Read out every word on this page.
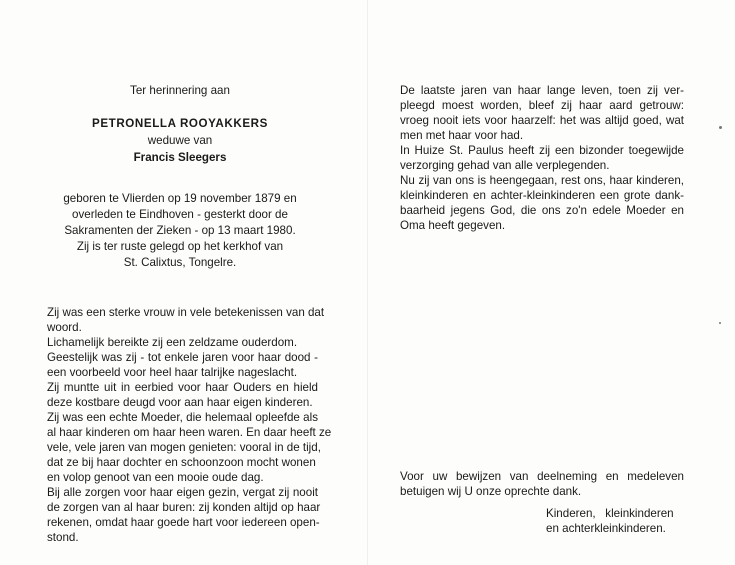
Ter herinnering aan
PETRONELLA ROOYAKKERS
weduwe van
Francis Sleegers
geboren te Vlierden op 19 november 1879 en
overleden te Eindhoven - gesterkt door de
Sakramenten der Zieken - op 13 maart 1980.
Zij is ter ruste gelegd op het kerkhof van
St. Calixtus, Tongelre.
Zij was een sterke vrouw in vele betekenissen van dat
woord.
Lichamelijk bereikte zij een zeldzame ouderdom.
Geestelijk was zij - tot enkele jaren voor haar dood -
een voorbeeld voor heel haar talrijke nageslacht.
Zij muntte uit in eerbied voor haar Ouders en hield
deze kostbare deugd voor aan haar eigen kinderen.
Zij was een echte Moeder, die helemaal opleefde als
al haar kinderen om haar heen waren. En daar heeft ze
vele, vele jaren van mogen genieten: vooral in de tijd,
dat ze bij haar dochter en schoonzoon mocht wonen
en volop genoot van een mooie oude dag.
Bij alle zorgen voor haar eigen gezin, vergat zij nooit
de zorgen van al haar buren: zij konden altijd op haar
rekenen, omdat haar goede hart voor iedereen open-
stond.
De laatste jaren van haar lange leven, toen zij ver-
pleegd moest worden, bleef zij haar aard getrouw:
vroeg nooit iets voor haarzelf: het was altijd goed, wat
men met haar voor had.
In Huize St. Paulus heeft zij een bizonder toegewijde
verzorging gehad van alle verplegenden.
Nu zij van ons is heengegaan, rest ons, haar kinderen,
kleinkinderen en achter-kleinkinderen een grote dank-
baarheid jegens God, die ons zo'n edele Moeder en
Oma heeft gegeven.
Voor uw bewijzen van deelneming en medeleven
betuigen wij U onze oprechte dank.
Kinderen,   kleinkinderen
en achterkleinkinderen.
